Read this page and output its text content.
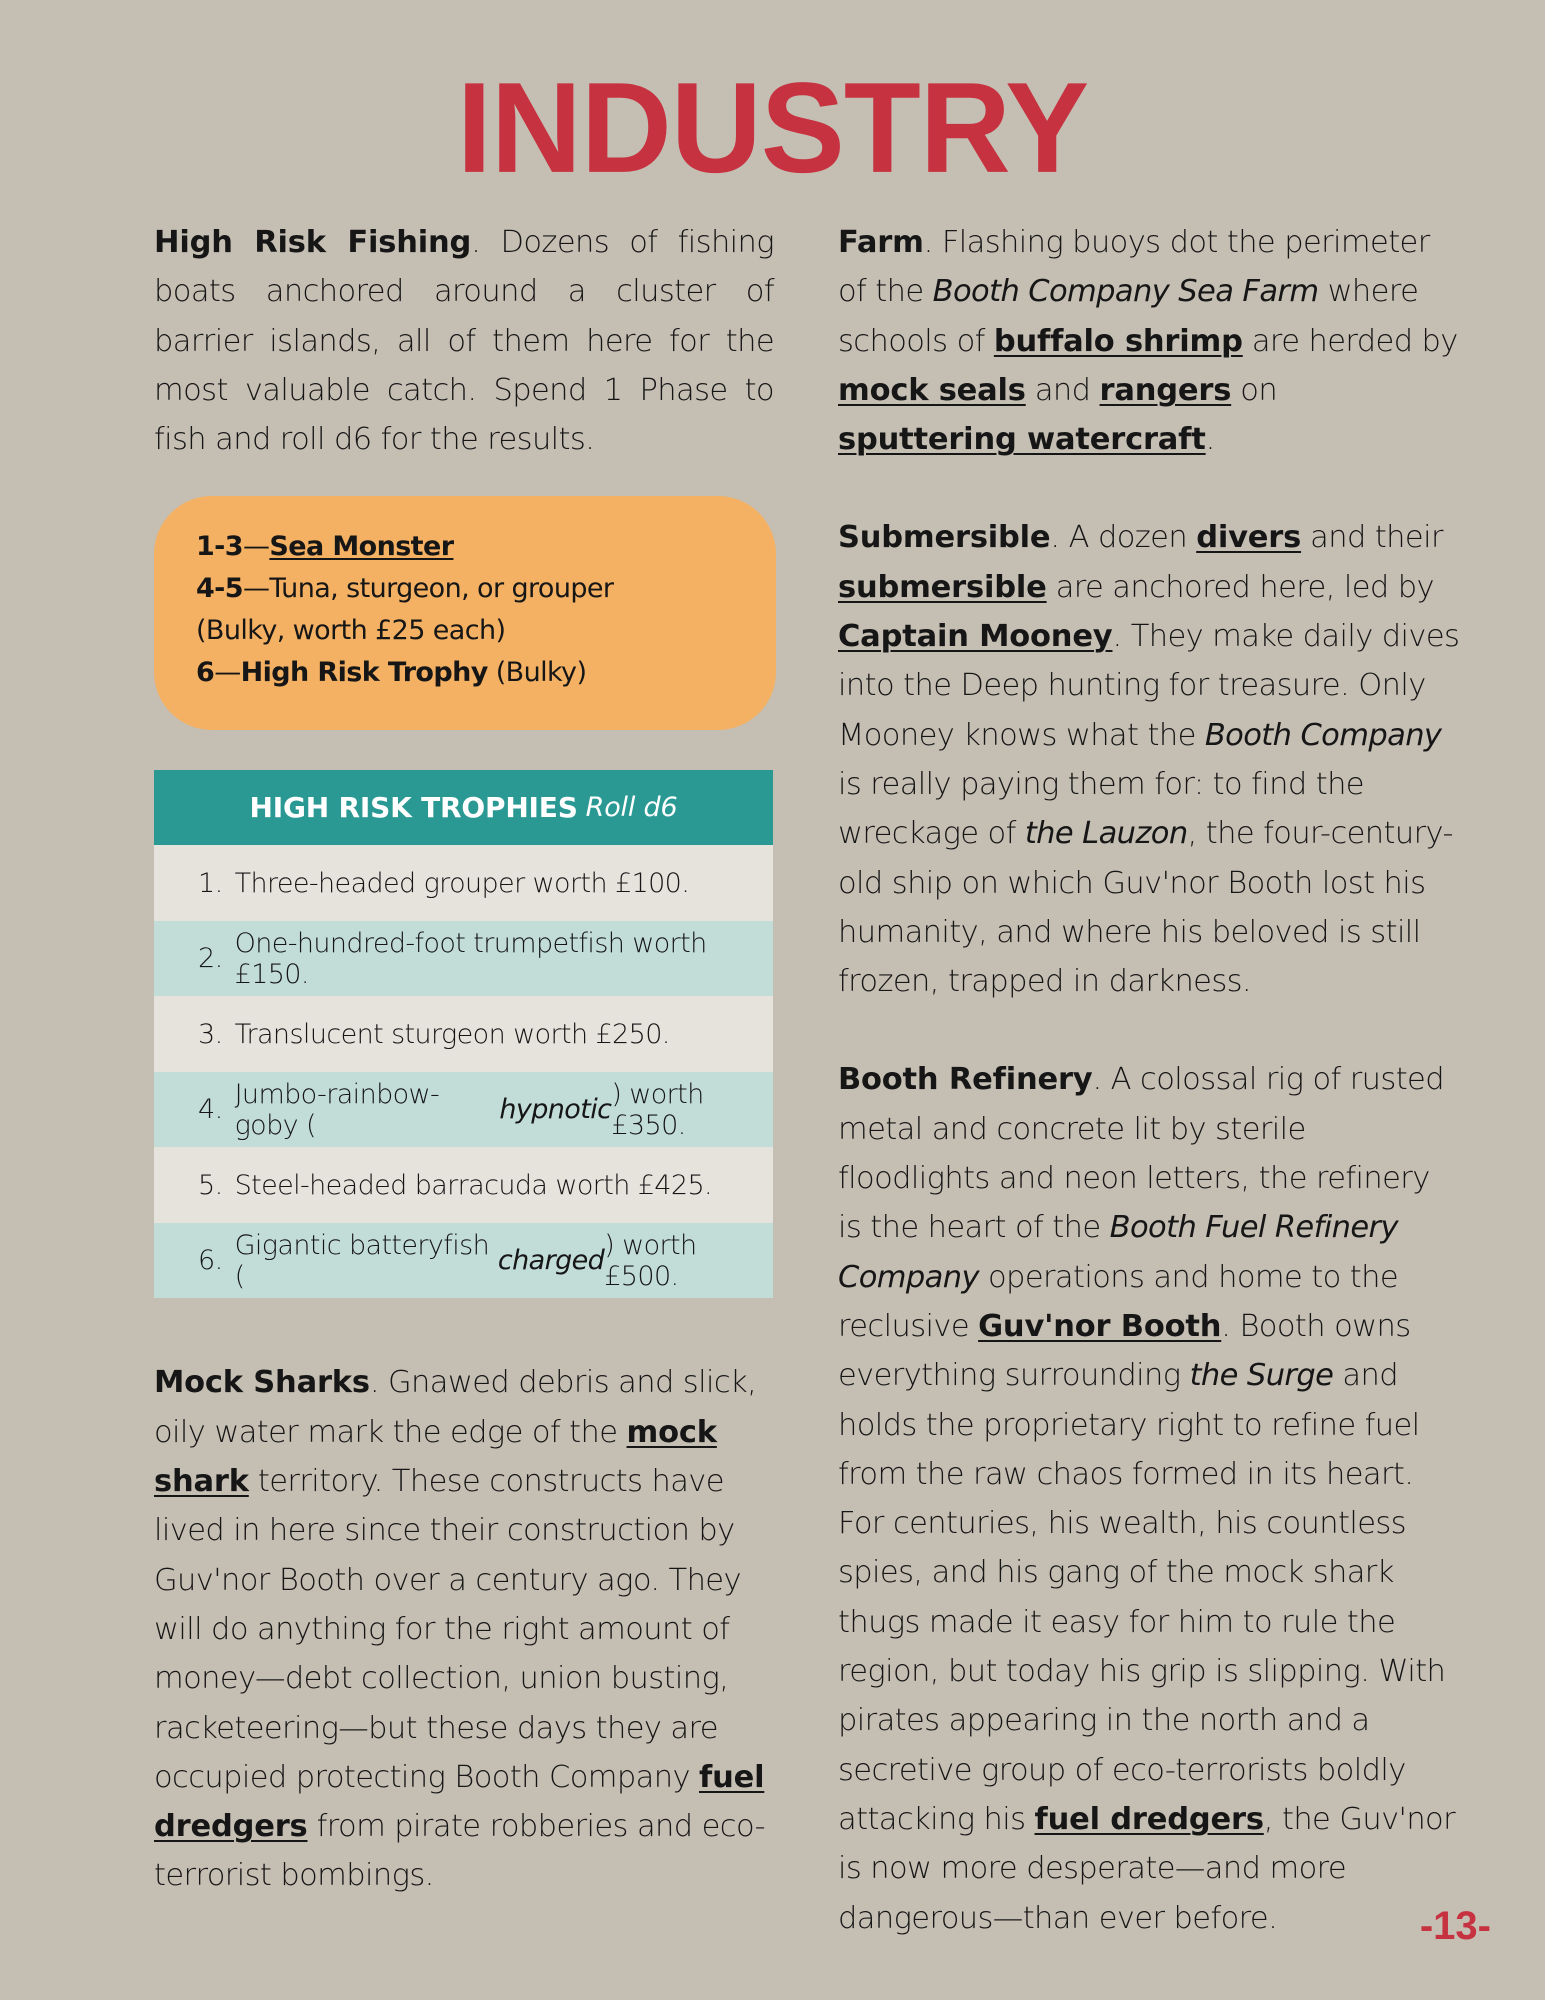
INDUSTRY

High Risk Fishing. Dozens of fishing boats anchored around a cluster of barrier islands, all of them here for the most valuable catch. Spend 1 Phase to fish and roll d6 for the results.

1-3—Sea Monster
4-5—Tuna, sturgeon, or grouper
(Bulky, worth £25 each)
6—High Risk Trophy (Bulky)
HIGH RISK TROPHIES Roll d6
1. Three-headed grouper worth £100.
2. One-hundred-foot trumpetfish worth £150.
3. Translucent sturgeon worth £250.
4. Jumbo-rainbow-goby (	hypnotic ) worth £350.
5. Steel-headed barracuda worth £425.
6. Gigantic batteryfish (	charged ) worth £500.

Mock Sharks. Gnawed debris and slick, oily water mark the edge of the mock shark territory. These constructs have lived in here since their construction by Guv'nor Booth over a century ago. They will do anything for the right amount of money—debt collection, union busting, racketeering—but these days they are occupied protecting Booth Company fuel dredgers from pirate robberies and eco-terrorist bombings.

Farm. Flashing buoys dot the perimeter of the Booth Company Sea Farm where schools of buffalo shrimp are herded by mock seals and rangers on sputtering watercraft.

Submersible. A dozen divers and their submersible are anchored here, led by Captain Mooney. They make daily dives into the Deep hunting for treasure. Only Mooney knows what the Booth Company is really paying them for: to find the wreckage of the Lauzon, the four-century-old ship on which Guv'nor Booth lost his humanity, and where his beloved is still frozen, trapped in darkness.

Booth Refinery. A colossal rig of rusted metal and concrete lit by sterile floodlights and neon letters, the refinery is the heart of the Booth Fuel Refinery Company operations and home to the reclusive Guv'nor Booth. Booth owns everything surrounding the Surge and holds the proprietary right to refine fuel from the raw chaos formed in its heart. For centuries, his wealth, his countless spies, and his gang of the mock shark thugs made it easy for him to rule the region, but today his grip is slipping. With pirates appearing in the north and a secretive group of eco-terrorists boldly attacking his fuel dredgers, the Guv'nor is now more desperate—and more dangerous—than ever before.	-13-
